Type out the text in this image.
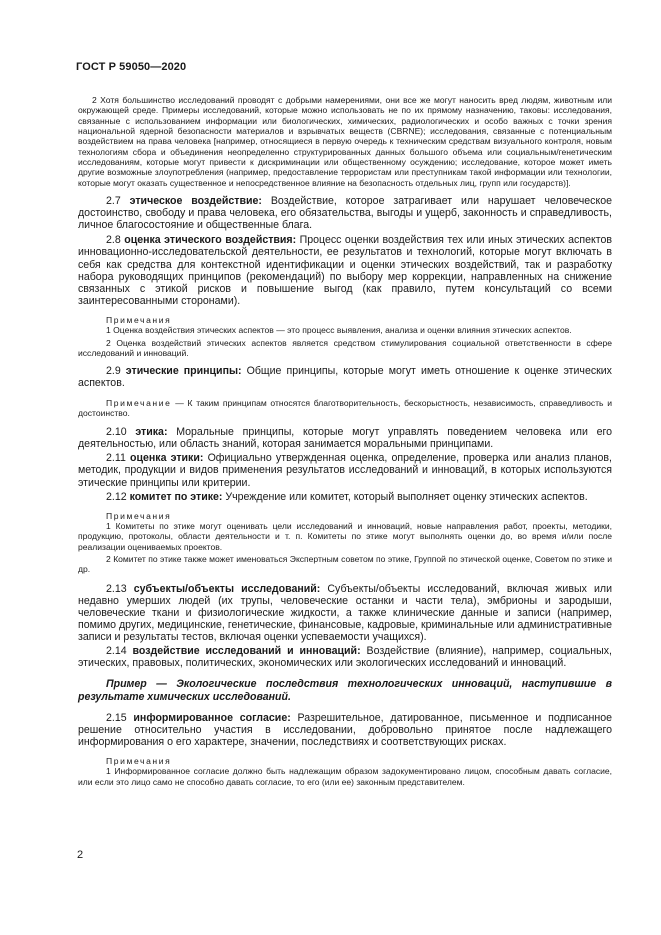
ГОСТ Р 59050—2020

2 Хотя большинство исследований проводят с добрыми намерениями, они все же могут наносить вред людям, животным или окружающей среде. Примеры исследований, которые можно использовать не по их прямому назначению, таковы: исследования, связанные с использованием информации или биологических, химических, радиологических и особо важных с точки зрения национальной ядерной безопасности материалов и взрывчатых веществ (CBRNE); исследования, связанные с потенциальным воздействием на права человека [например, относящиеся в первую очередь к техническим средствам визуального контроля, новым технологиям сбора и объединения неопределенно структурированных данных большого объема или социальным/генетическим исследованиям, которые могут привести к дискриминации или общественному осуждению; исследование, которое может иметь другие возможные злоупотребления (например, предоставление террористам или преступникам такой информации или технологии, которые могут оказать существенное и непосредственное влияние на безопасность отдельных лиц, групп или государств)].

2.7 этическое воздействие: Воздействие, которое затрагивает или нарушает человеческое достоинство, свободу и права человека, его обязательства, выгоды и ущерб, законность и справедливость, личное благосостояние и общественные блага.

2.8 оценка этического воздействия: Процесс оценки воздействия тех или иных этических аспектов инновационно-исследовательской деятельности, ее результатов и технологий, которые могут включать в себя как средства для контекстной идентификации и оценки этических воздействий, так и разработку набора руководящих принципов (рекомендаций) по выбору мер коррекции, направленных на снижение связанных с этикой рисков и повышение выгод (как правило, путем консультаций со всеми заинтересованными сторонами).

Примечания

1 Оценка воздействия этических аспектов — это процесс выявления, анализа и оценки влияния этических аспектов.

2 Оценка воздействий этических аспектов является средством стимулирования социальной ответственности в сфере исследований и инноваций.

2.9 этические принципы: Общие принципы, которые могут иметь отношение к оценке этических аспектов.

Примечание — К таким принципам относятся благотворительность, бескорыстность, независимость, справедливость и достоинство.

2.10 этика: Моральные принципы, которые могут управлять поведением человека или его деятельностью, или область знаний, которая занимается моральными принципами.

2.11 оценка этики: Официально утвержденная оценка, определение, проверка или анализ планов, методик, продукции и видов применения результатов исследований и инноваций, в которых используются этические принципы или критерии.

2.12 комитет по этике: Учреждение или комитет, который выполняет оценку этических аспектов.

Примечания

1 Комитеты по этике могут оценивать цели исследований и инноваций, новые направления работ, проекты, методики, продукцию, протоколы, области деятельности и т. п. Комитеты по этике могут выполнять оценки до, во время и/или после реализации оцениваемых проектов.

2 Комитет по этике также может именоваться Экспертным советом по этике, Группой по этической оценке, Советом по этике и др.

2.13 субъекты/объекты исследований: Субъекты/объекты исследований, включая живых или недавно умерших людей (их трупы, человеческие останки и части тела), эмбрионы и зародыши, человеческие ткани и физиологические жидкости, а также клинические данные и записи (например, помимо других, медицинские, генетические, финансовые, кадровые, криминальные или административные записи и результаты тестов, включая оценки успеваемости учащихся).

2.14 воздействие исследований и инноваций: Воздействие (влияние), например, социальных, этических, правовых, политических, экономических или экологических исследований и инноваций.

Пример — Экологические последствия технологических инноваций, наступившие в результате химических исследований.

2.15 информированное согласие: Разрешительное, датированное, письменное и подписанное решение относительно участия в исследовании, добровольно принятое после надлежащего информирования о его характере, значении, последствиях и соответствующих рисках.

Примечания

1 Информированное согласие должно быть надлежащим образом задокументировано лицом, способным давать согласие, или если это лицо само не способно давать согласие, то его (или ее) законным представителем.

2
